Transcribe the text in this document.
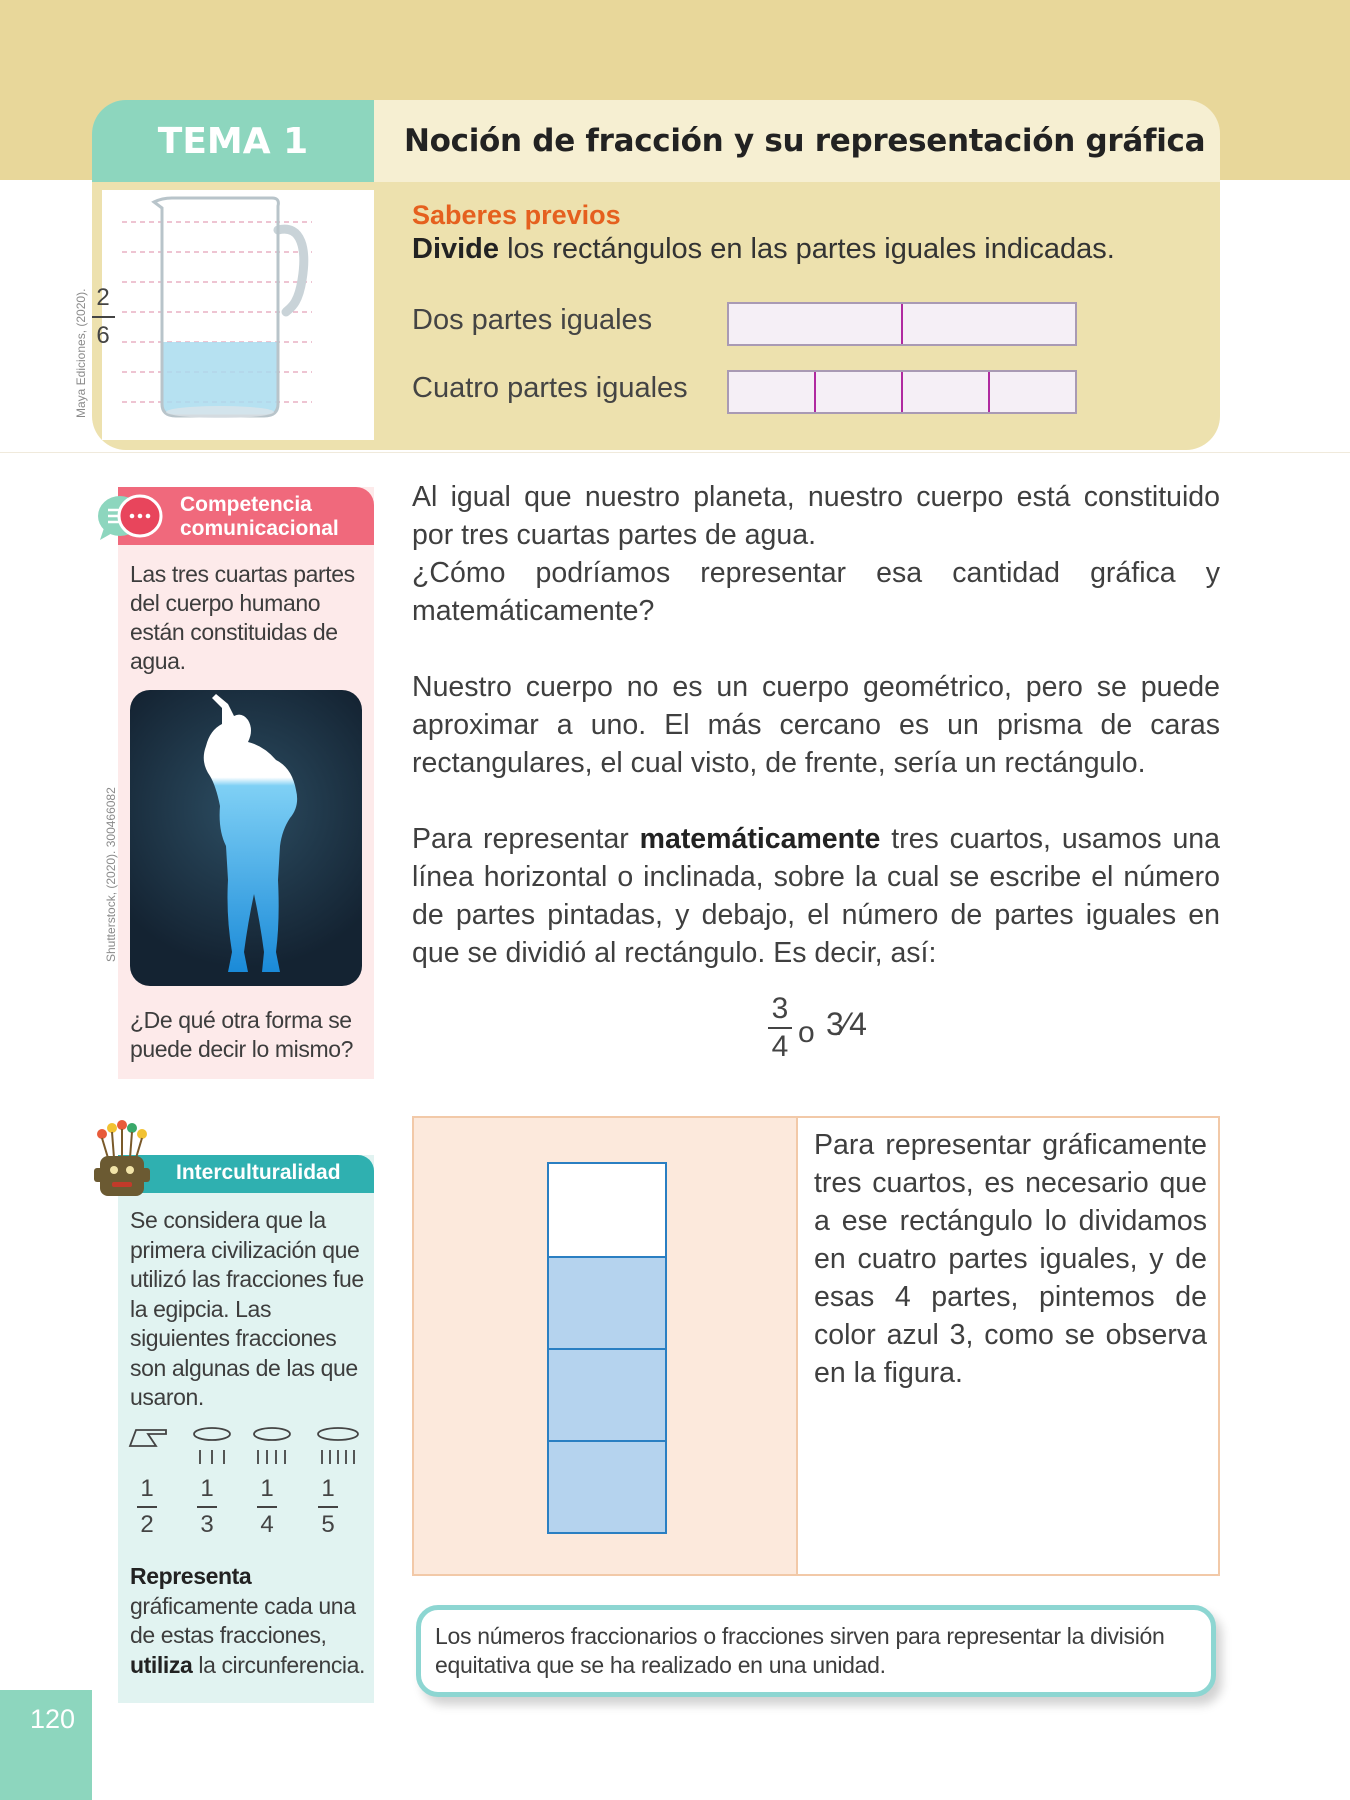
TEMA 1	Noción de fracción y su representación gráfica
2
6
Saberes previos
Divide los rectángulos en las partes iguales indicadas.
Dos partes iguales
Cuatro partes iguales
Maya Ediciones, (2020).
Competencia
comunicacional
Las tres cuartas partes del cuerpo humano están constituidas de agua.
Shutterstock, (2020). 300466082
¿De qué otra forma se puede decir lo mismo?
Interculturalidad
Se considera que la primera civilización que utilizó las fracciones fue la egipcia. Las siguientes fracciones son algunas de las que usaron.
1
2
1
3
1
4
1
5
Representa gráficamente cada una de estas fracciones, utiliza la circunferencia.
120
Al igual que nuestro planeta, nuestro cuerpo está constituido por tres cuartas partes de agua.
¿Cómo podríamos representar esa cantidad gráfica y matemáticamente?
Nuestro cuerpo no es un cuerpo geométrico, pero se puede aproximar a uno. El más cercano es un prisma de caras rectangulares, el cual visto, de frente, sería un rectángulo.
Para representar matemáticamente tres cuartos, usamos una línea horizontal o inclinada, sobre la cual se escribe el número de partes pintadas, y debajo, el número de partes iguales en que se dividió al rectángulo. Es decir, así:
3
4 o 3⁄4
Para representar gráficamente tres cuartos, es necesario que a ese rectángulo lo dividamos en cuatro partes iguales, y de esas 4 partes, pintemos de color azul 3, como se observa en la figura.
Los números fraccionarios o fracciones sirven para representar la división equitativa que se ha realizado en una unidad.
